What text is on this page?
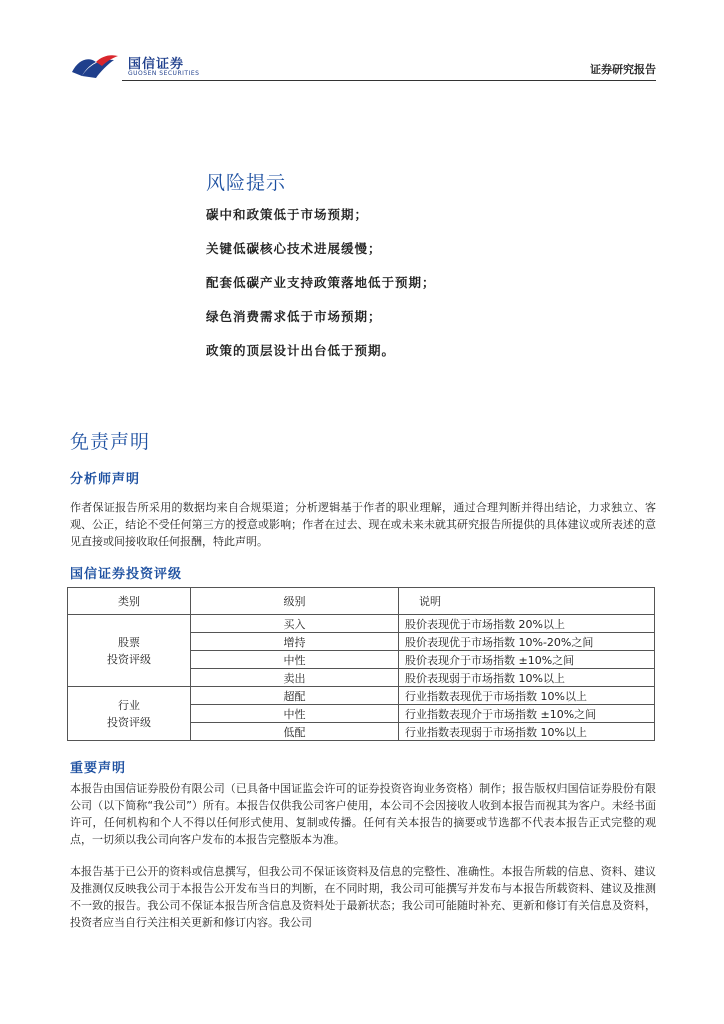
国信证券
GUOSEN SECURITIES	证券研究报告
风险提示
碳中和政策低于市场预期；
关键低碳核心技术进展缓慢；
配套低碳产业支持政策落地低于预期；
绿色消费需求低于市场预期；
政策的顶层设计出台低于预期。
免责声明
分析师声明
作者保证报告所采用的数据均来自合规渠道；分析逻辑基于作者的职业理解，通过合理判断并得出结论，力求独立、客观、公正，结论不受任何第三方的授意或影响；作者在过去、现在或未来未就其研究报告所提供的具体建议或所表述的意见直接或间接收取任何报酬，特此声明。
国信证券投资评级
类别	级别	说明
股票
投资评级	买入	股价表现优于市场指数 20%以上
	增持	股价表现优于市场指数 10%-20%之间
	中性	股价表现介于市场指数 ±10%之间
	卖出	股价表现弱于市场指数 10%以上
行业
投资评级	超配	行业指数表现优于市场指数 10%以上
	中性	行业指数表现介于市场指数 ±10%之间
	低配	行业指数表现弱于市场指数 10%以上
重要声明
本报告由国信证券股份有限公司（已具备中国证监会许可的证券投资咨询业务资格）制作；报告版权归国信证券股份有限公司（以下简称“我公司”）所有。本报告仅供我公司客户使用，本公司不会因接收人收到本报告而视其为客户。未经书面许可，任何机构和个人不得以任何形式使用、复制或传播。任何有关本报告的摘要或节选都不代表本报告正式完整的观点，一切须以我公司向客户发布的本报告完整版本为准。
本报告基于已公开的资料或信息撰写，但我公司不保证该资料及信息的完整性、准确性。本报告所载的信息、资料、建议及推测仅反映我公司于本报告公开发布当日的判断，在不同时期，我公司可能撰写并发布与本报告所载资料、建议及推测不一致的报告。我公司不保证本报告所含信息及资料处于最新状态；我公司可能随时补充、更新和修订有关信息及资料，投资者应当自行关注相关更新和修订内容。我公司
